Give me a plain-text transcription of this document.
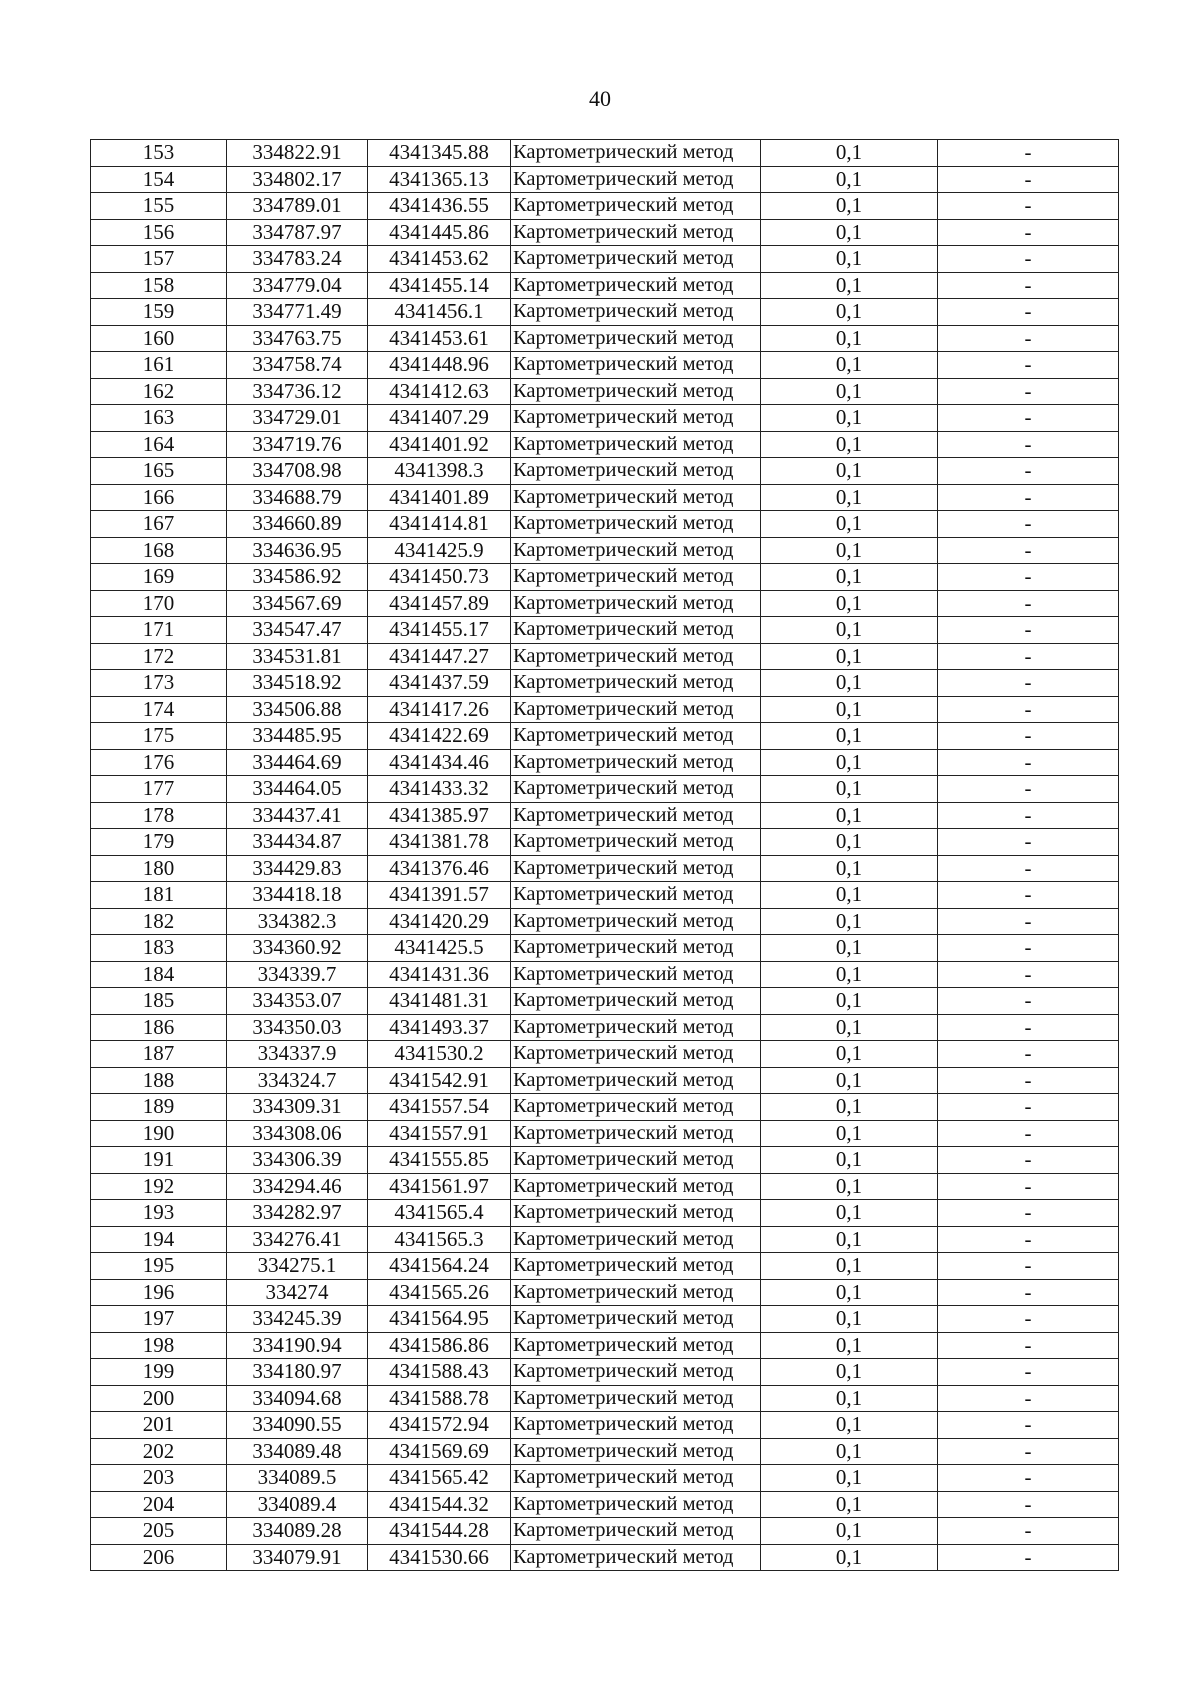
40
153	334822.91	4341345.88	Картометрический метод	0,1	-
154	334802.17	4341365.13	Картометрический метод	0,1	-
155	334789.01	4341436.55	Картометрический метод	0,1	-
156	334787.97	4341445.86	Картометрический метод	0,1	-
157	334783.24	4341453.62	Картометрический метод	0,1	-
158	334779.04	4341455.14	Картометрический метод	0,1	-
159	334771.49	4341456.1	Картометрический метод	0,1	-
160	334763.75	4341453.61	Картометрический метод	0,1	-
161	334758.74	4341448.96	Картометрический метод	0,1	-
162	334736.12	4341412.63	Картометрический метод	0,1	-
163	334729.01	4341407.29	Картометрический метод	0,1	-
164	334719.76	4341401.92	Картометрический метод	0,1	-
165	334708.98	4341398.3	Картометрический метод	0,1	-
166	334688.79	4341401.89	Картометрический метод	0,1	-
167	334660.89	4341414.81	Картометрический метод	0,1	-
168	334636.95	4341425.9	Картометрический метод	0,1	-
169	334586.92	4341450.73	Картометрический метод	0,1	-
170	334567.69	4341457.89	Картометрический метод	0,1	-
171	334547.47	4341455.17	Картометрический метод	0,1	-
172	334531.81	4341447.27	Картометрический метод	0,1	-
173	334518.92	4341437.59	Картометрический метод	0,1	-
174	334506.88	4341417.26	Картометрический метод	0,1	-
175	334485.95	4341422.69	Картометрический метод	0,1	-
176	334464.69	4341434.46	Картометрический метод	0,1	-
177	334464.05	4341433.32	Картометрический метод	0,1	-
178	334437.41	4341385.97	Картометрический метод	0,1	-
179	334434.87	4341381.78	Картометрический метод	0,1	-
180	334429.83	4341376.46	Картометрический метод	0,1	-
181	334418.18	4341391.57	Картометрический метод	0,1	-
182	334382.3	4341420.29	Картометрический метод	0,1	-
183	334360.92	4341425.5	Картометрический метод	0,1	-
184	334339.7	4341431.36	Картометрический метод	0,1	-
185	334353.07	4341481.31	Картометрический метод	0,1	-
186	334350.03	4341493.37	Картометрический метод	0,1	-
187	334337.9	4341530.2	Картометрический метод	0,1	-
188	334324.7	4341542.91	Картометрический метод	0,1	-
189	334309.31	4341557.54	Картометрический метод	0,1	-
190	334308.06	4341557.91	Картометрический метод	0,1	-
191	334306.39	4341555.85	Картометрический метод	0,1	-
192	334294.46	4341561.97	Картометрический метод	0,1	-
193	334282.97	4341565.4	Картометрический метод	0,1	-
194	334276.41	4341565.3	Картометрический метод	0,1	-
195	334275.1	4341564.24	Картометрический метод	0,1	-
196	334274	4341565.26	Картометрический метод	0,1	-
197	334245.39	4341564.95	Картометрический метод	0,1	-
198	334190.94	4341586.86	Картометрический метод	0,1	-
199	334180.97	4341588.43	Картометрический метод	0,1	-
200	334094.68	4341588.78	Картометрический метод	0,1	-
201	334090.55	4341572.94	Картометрический метод	0,1	-
202	334089.48	4341569.69	Картометрический метод	0,1	-
203	334089.5	4341565.42	Картометрический метод	0,1	-
204	334089.4	4341544.32	Картометрический метод	0,1	-
205	334089.28	4341544.28	Картометрический метод	0,1	-
206	334079.91	4341530.66	Картометрический метод	0,1	-
